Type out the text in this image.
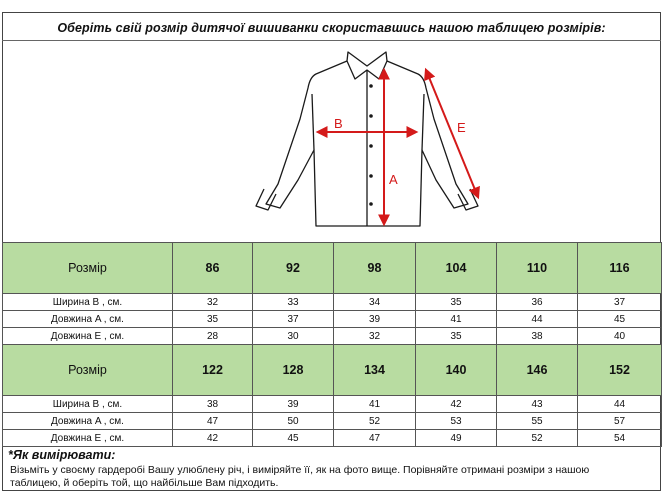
Оберіть свій розмір дитячої вишиванки скориставшись нашою таблицею розмірів:
B
A
E
Розмір	86	92	98	104	110	116
Ширина B , см.	32	33	34	35	36	37
Довжина A , см.	35	37	39	41	44	45
Довжина E , см.	28	30	32	35	38	40
Розмір	122	128	134	140	146	152
Ширина B , см.	38	39	41	42	43	44
Довжина A , см.	47	50	52	53	55	57
Довжина E , см.	42	45	47	49	52	54
*Як вимірювати:
Візьміть у своєму гардеробі Вашу улюблену річ, і виміряйте її, як на фото вище. Порівняйте отримані розміри з нашою таблицею, й оберіть той, що найбільше Вам підходить.
